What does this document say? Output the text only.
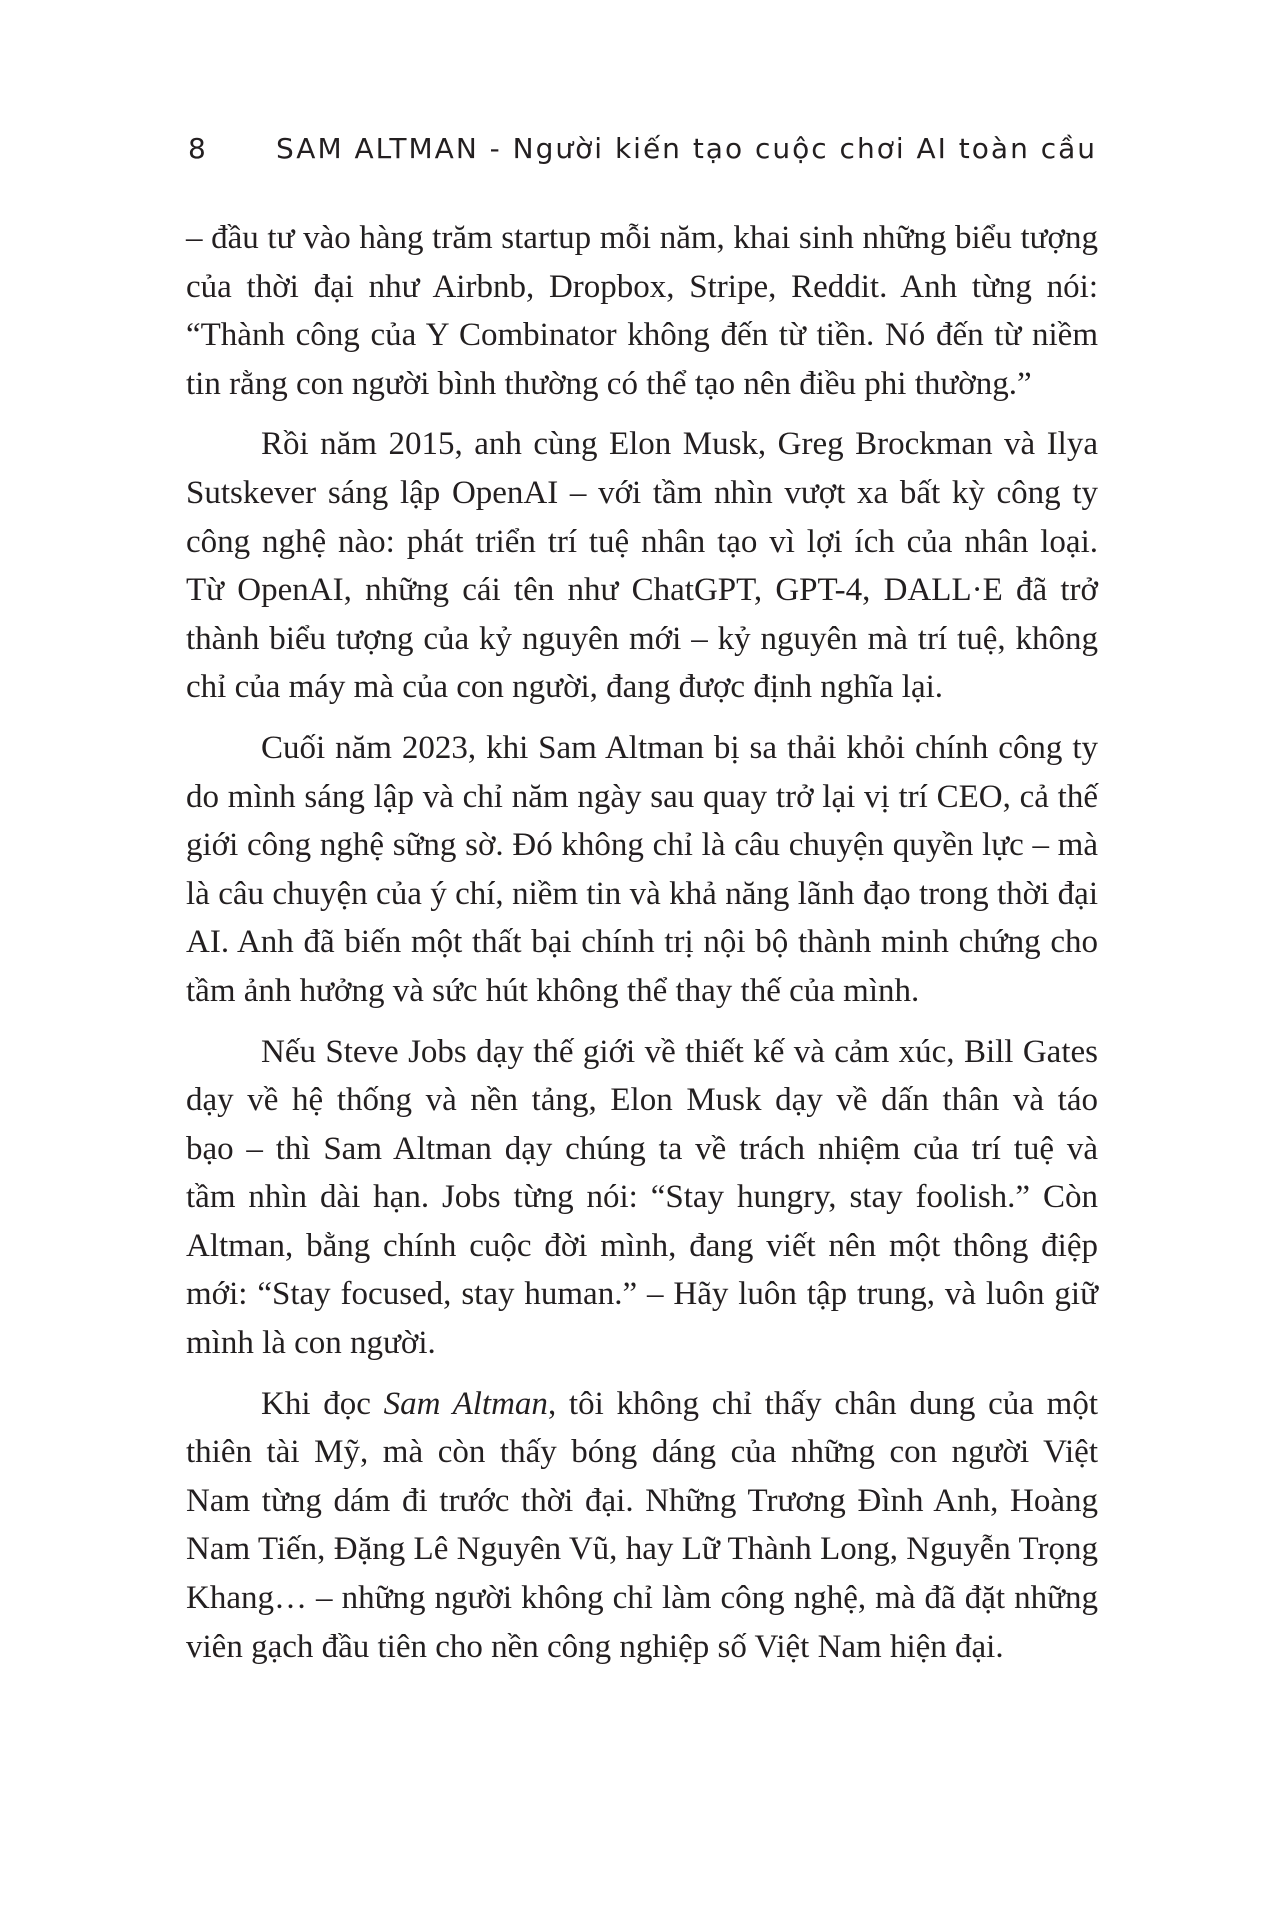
8 SAM ALTMAN - Người kiến tạo cuộc chơi AI toàn cầu

– đầu tư vào hàng trăm startup mỗi năm, khai sinh những biểu tượng
của thời đại như Airbnb, Dropbox, Stripe, Reddit. Anh từng nói:
“Thành công của Y Combinator không đến từ tiền. Nó đến từ niềm
tin rằng con người bình thường có thể tạo nên điều phi thường.”

Rồi năm 2015, anh cùng Elon Musk, Greg Brockman và Ilya
Sutskever sáng lập OpenAI – với tầm nhìn vượt xa bất kỳ công ty
công nghệ nào: phát triển trí tuệ nhân tạo vì lợi ích của nhân loại.
Từ OpenAI, những cái tên như ChatGPT, GPT-4, DALL·E đã trở
thành biểu tượng của kỷ nguyên mới – kỷ nguyên mà trí tuệ, không
chỉ của máy mà của con người, đang được định nghĩa lại.

Cuối năm 2023, khi Sam Altman bị sa thải khỏi chính công ty
do mình sáng lập và chỉ năm ngày sau quay trở lại vị trí CEO, cả thế
giới công nghệ sững sờ. Đó không chỉ là câu chuyện quyền lực – mà
là câu chuyện của ý chí, niềm tin và khả năng lãnh đạo trong thời đại
AI. Anh đã biến một thất bại chính trị nội bộ thành minh chứng cho
tầm ảnh hưởng và sức hút không thể thay thế của mình.

Nếu Steve Jobs dạy thế giới về thiết kế và cảm xúc, Bill Gates
dạy về hệ thống và nền tảng, Elon Musk dạy về dấn thân và táo
bạo – thì Sam Altman dạy chúng ta về trách nhiệm của trí tuệ và
tầm nhìn dài hạn. Jobs từng nói: “Stay hungry, stay foolish.” Còn
Altman, bằng chính cuộc đời mình, đang viết nên một thông điệp
mới: “Stay focused, stay human.” – Hãy luôn tập trung, và luôn giữ
mình là con người.

Khi đọc Sam Altman, tôi không chỉ thấy chân dung của một
thiên tài Mỹ, mà còn thấy bóng dáng của những con người Việt
Nam từng dám đi trước thời đại. Những Trương Đình Anh, Hoàng
Nam Tiến, Đặng Lê Nguyên Vũ, hay Lữ Thành Long, Nguyễn Trọng
Khang… – những người không chỉ làm công nghệ, mà đã đặt những
viên gạch đầu tiên cho nền công nghiệp số Việt Nam hiện đại.
